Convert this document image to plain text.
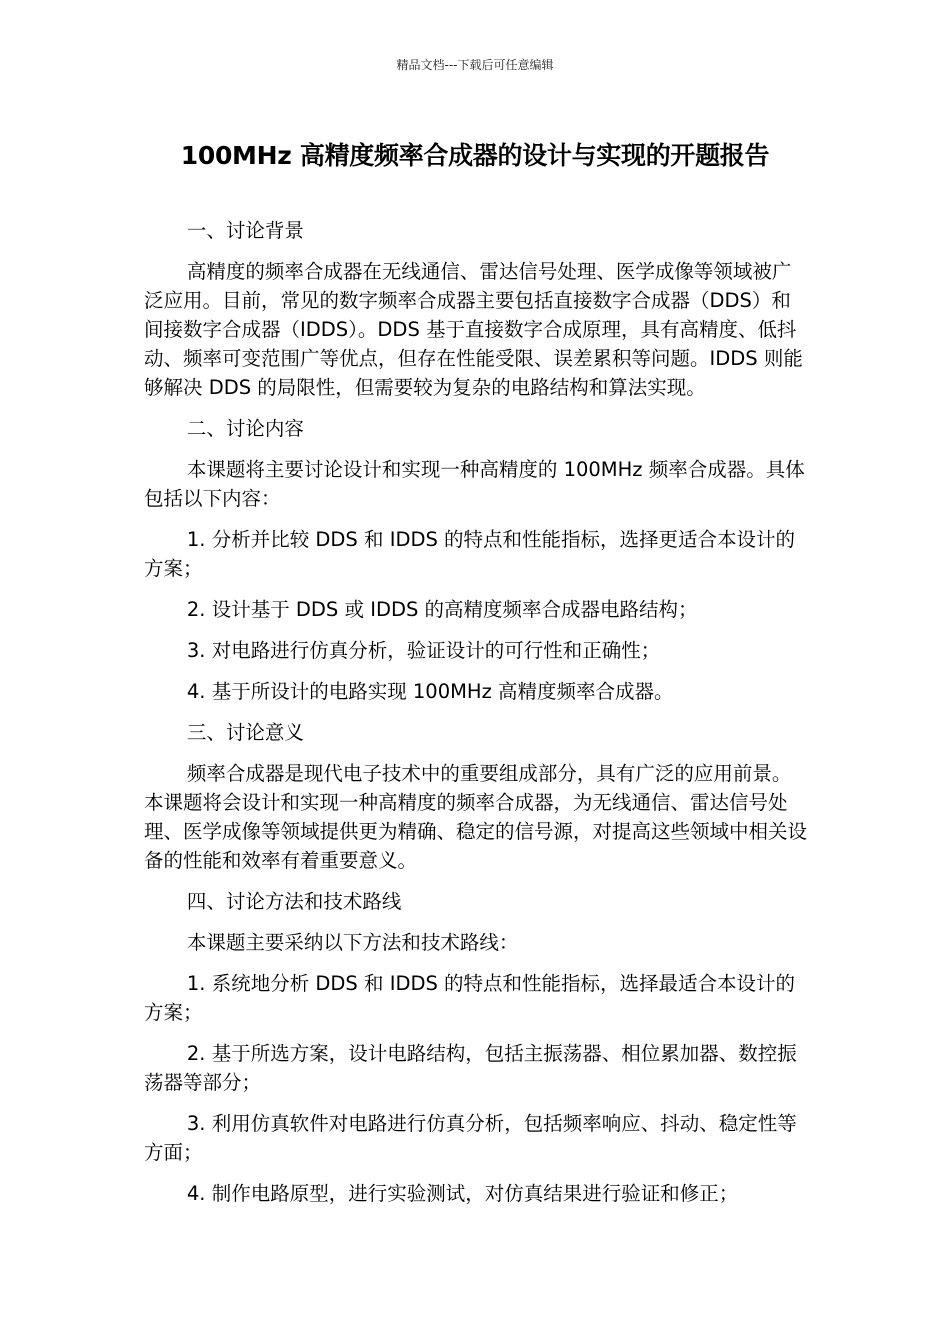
精品文档---下载后可任意编辑
100MHz 高精度频率合成器的设计与实现的开题报告

一、讨论背景

高精度的频率合成器在无线通信、雷达信号处理、医学成像等领域被广泛应用。目前，常见的数字频率合成器主要包括直接数字合成器（DDS）和间接数字合成器（IDDS）。DDS 基于直接数字合成原理，具有高精度、低抖动、频率可变范围广等优点，但存在性能受限、误差累积等问题。IDDS 则能够解决 DDS 的局限性，但需要较为复杂的电路结构和算法实现。

二、讨论内容

本课题将主要讨论设计和实现一种高精度的 100MHz 频率合成器。具体包括以下内容：

1. 分析并比较 DDS 和 IDDS 的特点和性能指标，选择更适合本设计的方案；

2. 设计基于 DDS 或 IDDS 的高精度频率合成器电路结构；

3. 对电路进行仿真分析，验证设计的可行性和正确性；

4. 基于所设计的电路实现 100MHz 高精度频率合成器。

三、讨论意义

频率合成器是现代电子技术中的重要组成部分，具有广泛的应用前景。本课题将会设计和实现一种高精度的频率合成器，为无线通信、雷达信号处理、医学成像等领域提供更为精确、稳定的信号源，对提高这些领域中相关设备的性能和效率有着重要意义。

四、讨论方法和技术路线

本课题主要采纳以下方法和技术路线：

1. 系统地分析 DDS 和 IDDS 的特点和性能指标，选择最适合本设计的方案；

2. 基于所选方案，设计电路结构，包括主振荡器、相位累加器、数控振荡器等部分；

3. 利用仿真软件对电路进行仿真分析，包括频率响应、抖动、稳定性等方面；

4. 制作电路原型，进行实验测试，对仿真结果进行验证和修正；
